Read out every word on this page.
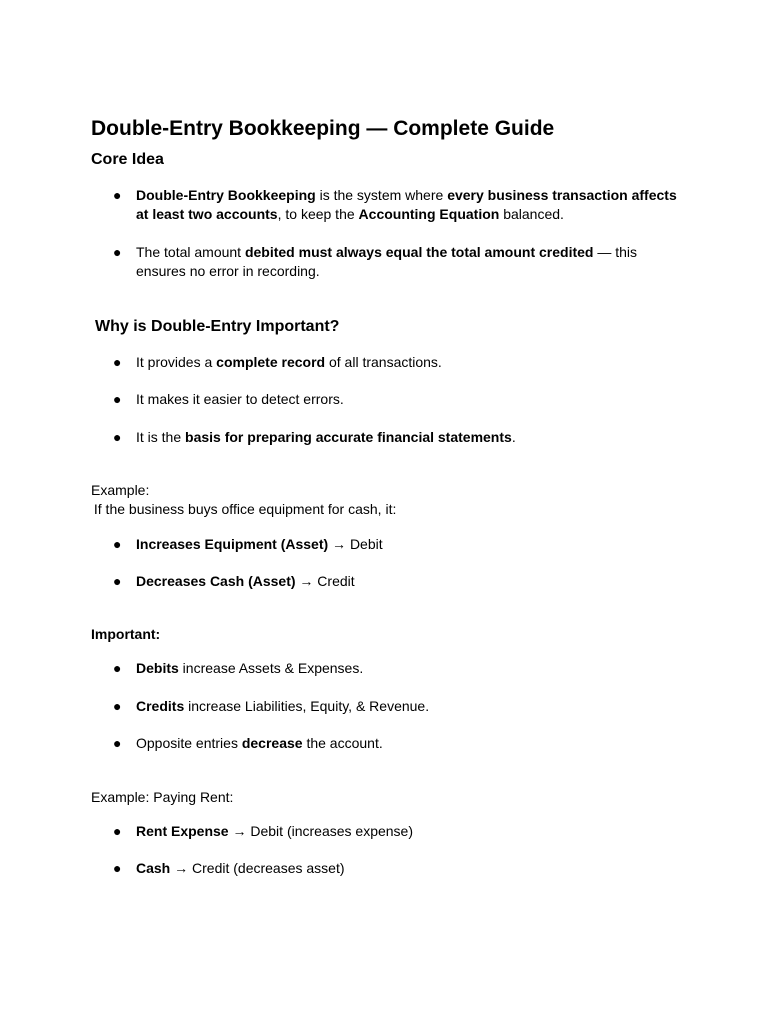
Double-Entry Bookkeeping — Complete Guide
Core Idea
● Double-Entry Bookkeeping is the system where every business transaction affects at least two accounts, to keep the Accounting Equation balanced.
● The total amount debited must always equal the total amount credited — this ensures no error in recording.
Why is Double-Entry Important?
● It provides a complete record of all transactions.
● It makes it easier to detect errors.
● It is the basis for preparing accurate financial statements.
Example:
If the business buys office equipment for cash, it:
● Increases Equipment (Asset) → Debit
● Decreases Cash (Asset) → Credit
Important:
● Debits increase Assets & Expenses.
● Credits increase Liabilities, Equity, & Revenue.
● Opposite entries decrease the account.
Example: Paying Rent:
● Rent Expense → Debit (increases expense)
● Cash → Credit (decreases asset)
